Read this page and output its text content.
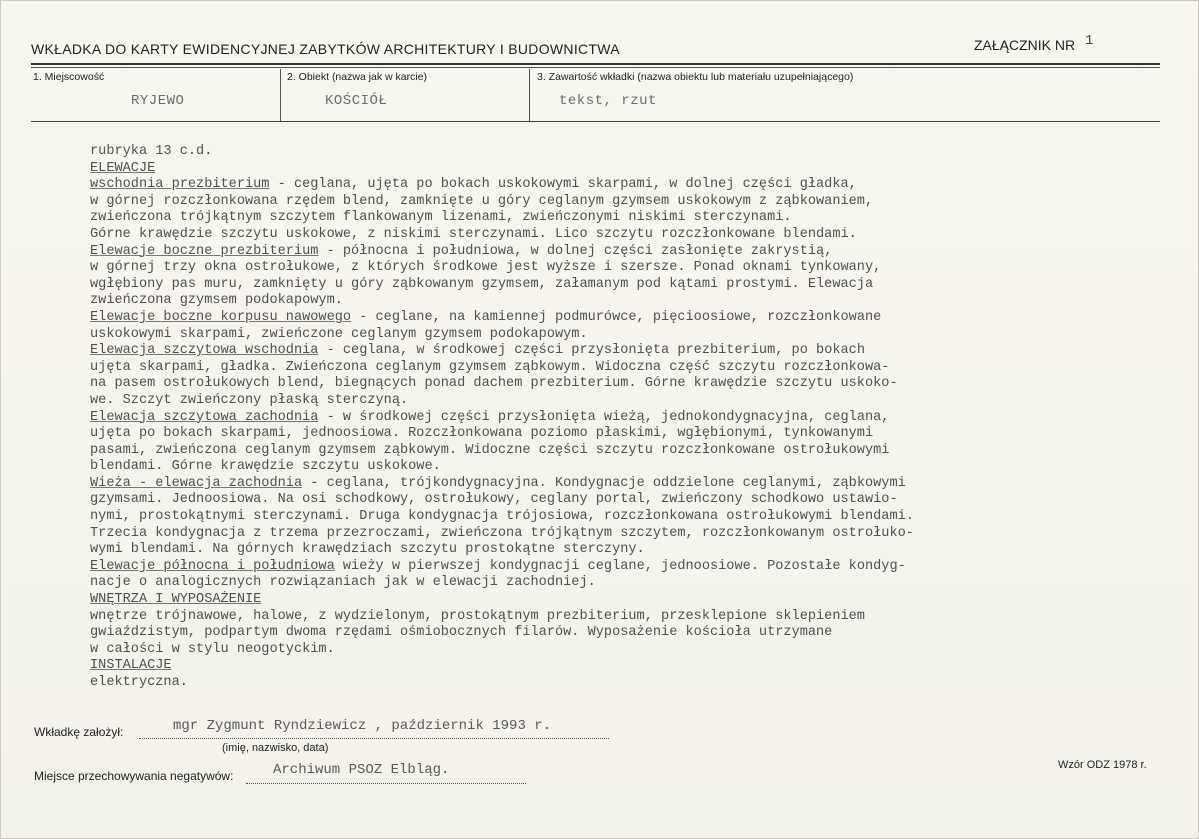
WKŁADKA DO KARTY EWIDENCYJNEJ ZABYTKÓW ARCHITEKTURY I BUDOWNICTWA	ZAŁĄCZNIK NR 1
1. Miejscowość
RYJEWO
2. Obiekt (nazwa jak w karcie)
KOŚCIÓŁ
3. Zawartość wkładki (nazwa obiektu lub materiału uzupełniającego)
tekst, rzut
rubryka 13 c.d.
ELEWACJE
wschodnia prezbiterium - ceglana, ujęta po bokach uskokowymi skarpami, w dolnej części gładka,
w górnej rozczłonkowana rzędem blend, zamknięte u góry ceglanym gzymsem uskokowym z ząbkowaniem,
zwieńczona trójkątnym szczytem flankowanym lizenami, zwieńczonymi niskimi sterczynami.
Górne krawędzie szczytu uskokowe, z niskimi sterczynami. Lico szczytu rozczłonkowane blendami.
Elewacje boczne prezbiterium - północna i południowa, w dolnej części zasłonięte zakrystią,
w górnej trzy okna ostrołukowe, z których środkowe jest wyższe i szersze. Ponad oknami tynkowany,
wgłębiony pas muru, zamknięty u góry ząbkowanym gzymsem, załamanym pod kątami prostymi. Elewacja
zwieńczona gzymsem podokapowym.
Elewacje boczne korpusu nawowego - ceglane, na kamiennej podmurówce, pięcioosiowe, rozczłonkowane
uskokowymi skarpami, zwieńczone ceglanym gzymsem podokapowym.
Elewacja szczytowa wschodnia - ceglana, w środkowej części przysłonięta prezbiterium, po bokach
ujęta skarpami, gładka. Zwieńczona ceglanym gzymsem ząbkowym. Widoczna część szczytu rozczłonkowa-
na pasem ostrołukowych blend, biegnących ponad dachem prezbiterium. Górne krawędzie szczytu uskoko-
we. Szczyt zwieńczony płaską sterczyną.
Elewacja szczytowa zachodnia - w środkowej części przysłonięta wieżą, jednokondygnacyjna, ceglana,
ujęta po bokach skarpami, jednoosiowa. Rozczłonkowana poziomo płaskimi, wgłębionymi, tynkowanymi
pasami, zwieńczona ceglanym gzymsem ząbkowym. Widoczne części szczytu rozczłonkowane ostrołukowymi
blendami. Górne krawędzie szczytu uskokowe.
Wieża - elewacja zachodnia - ceglana, trójkondygnacyjna. Kondygnacje oddzielone ceglanymi, ząbkowymi
gzymsami. Jednoosiowa. Na osi schodkowy, ostrołukowy, ceglany portal, zwieńczony schodkowo ustawio-
nymi, prostokątnymi sterczynami. Druga kondygnacja trójosiowa, rozczłonkowana ostrołukowymi blendami.
Trzecia kondygnacja z trzema przezroczami, zwieńczona trójkątnym szczytem, rozczłonkowanym ostrołuko-
wymi blendami. Na górnych krawędziach szczytu prostokątne sterczyny.
Elewacje północna i południowa wieży w pierwszej kondygnacji ceglane, jednoosiowe. Pozostałe kondyg-
nacje o analogicznych rozwiązaniach jak w elewacji zachodniej.
WNĘTRZA I WYPOSAŻENIE
wnętrze trójnawowe, halowe, z wydzielonym, prostokątnym prezbiterium, przesklepione sklepieniem
gwiaździstym, podpartym dwoma rzędami ośmiobocznych filarów. Wyposażenie kościoła utrzymane
w całości w stylu neogotyckim.
INSTALACJE
elektryczna.
Wkładkę założył:	mgr Zygmunt Ryndziewicz , październik 1993 r.
(imię, nazwisko, data)
Miejsce przechowywania negatywów:	Archiwum PSOZ Elbląg.	Wzór ODZ 1978 r.
